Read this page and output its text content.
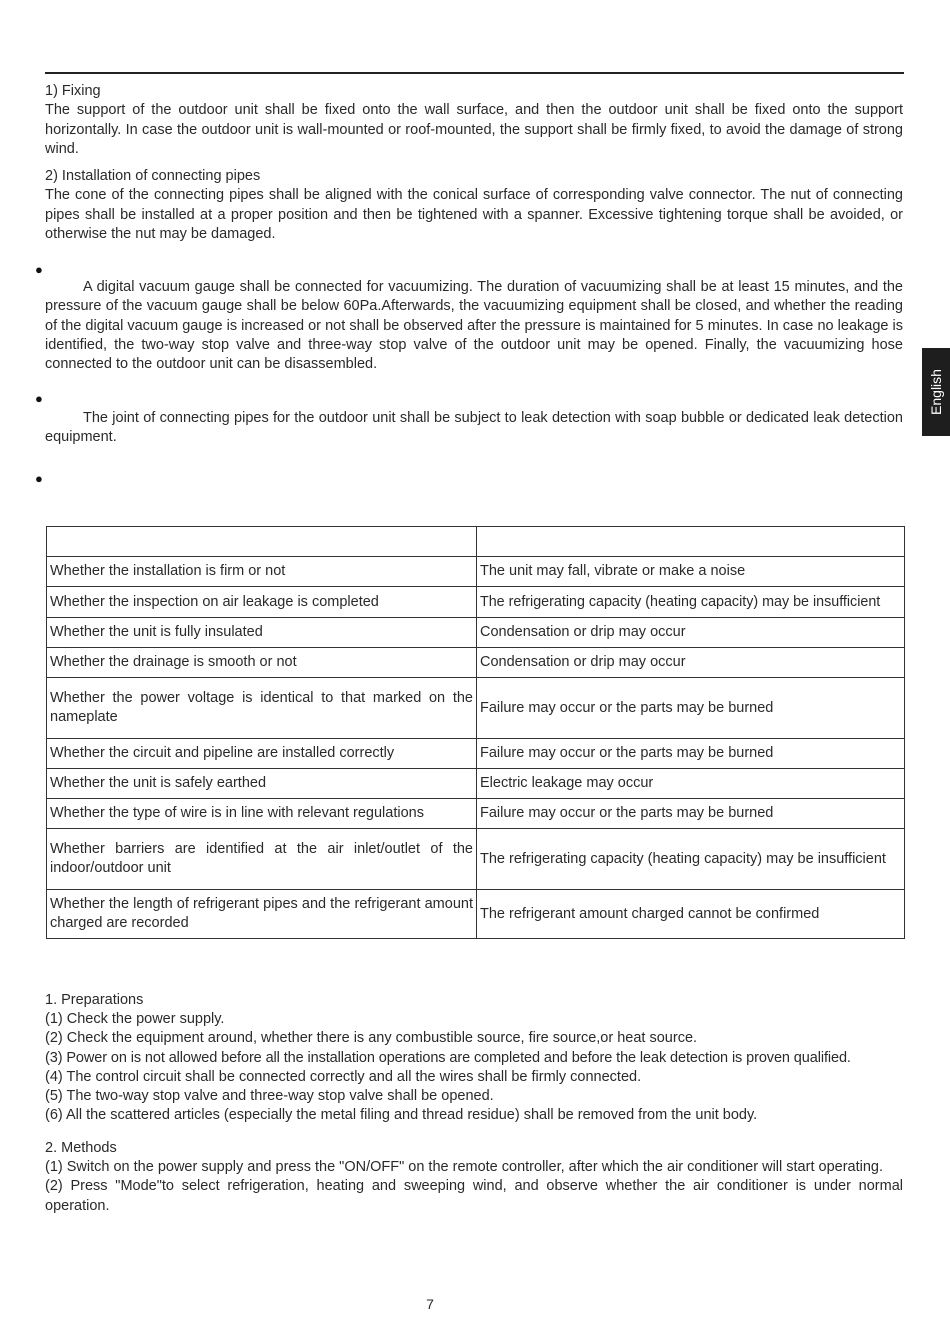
English

1) Fixing

The support of the outdoor unit shall be fixed onto the wall surface, and then the outdoor unit shall be fixed onto the support horizontally. In case the outdoor unit is wall-mounted or roof-mounted, the support shall be firmly fixed, to avoid the damage of strong wind.

2) Installation of connecting pipes

The cone of the connecting pipes shall be aligned with the conical surface of corresponding valve connector. The nut of connecting pipes shall be installed at a proper position and then be tightened with a spanner. Excessive tightening torque shall be avoided, or otherwise the nut may be damaged.

●

A digital vacuum gauge shall be connected for vacuumizing. The duration of vacuumizing shall be at least 15 minutes, and the pressure of the vacuum gauge shall be below 60Pa.Afterwards, the vacuumizing equipment shall be closed, and whether the reading of the digital vacuum gauge is increased or not shall be observed after the pressure is maintained for 5 minutes. In case no leakage is identified, the two-way stop valve and three-way stop valve of the outdoor unit may be opened. Finally, the vacuumizing hose connected to the outdoor unit can be disassembled.

●

The joint of connecting pipes for the outdoor unit shall be subject to leak detection with soap bubble or dedicated leak detection equipment.

●

Whether the installation is firm or not	The unit may fall, vibrate or make a noise
Whether the inspection on air leakage is completed	The refrigerating capacity (heating capacity) may be insufficient
Whether the unit is fully insulated	Condensation or drip may occur
Whether the drainage is smooth or not	Condensation or drip may occur
Whether the power voltage is identical to that marked on the nameplate	Failure may occur or the parts may be burned
Whether the circuit and pipeline are installed correctly	Failure may occur or the parts may be burned
Whether the unit is safely earthed	Electric leakage may occur
Whether the type of wire is in line with relevant regulations	Failure may occur or the parts may be burned
Whether barriers are identified at the air inlet/outlet of the indoor/outdoor unit	The refrigerating capacity (heating capacity) may be insufficient
Whether the length of refrigerant pipes and the refrigerant amount charged are recorded	The refrigerant amount charged cannot be confirmed
1. Preparations
(1) Check the power supply.
(2) Check the equipment around, whether there is any combustible source, fire source,or heat source.
(3) Power on is not allowed before all the installation operations are completed and before the leak detection is proven qualified.
(4) The control circuit shall be connected correctly and all the wires shall be firmly connected.
(5) The two-way stop valve and three-way stop valve shall be opened.
(6) All the scattered articles (especially the metal filing and thread residue) shall be removed from the unit body.
2. Methods
(1) Switch on the power supply and press the "ON/OFF" on the remote controller, after which the air conditioner will start operating.
(2) Press "Mode"to select refrigeration, heating and sweeping wind, and observe whether the air conditioner is under normal operation.
7
